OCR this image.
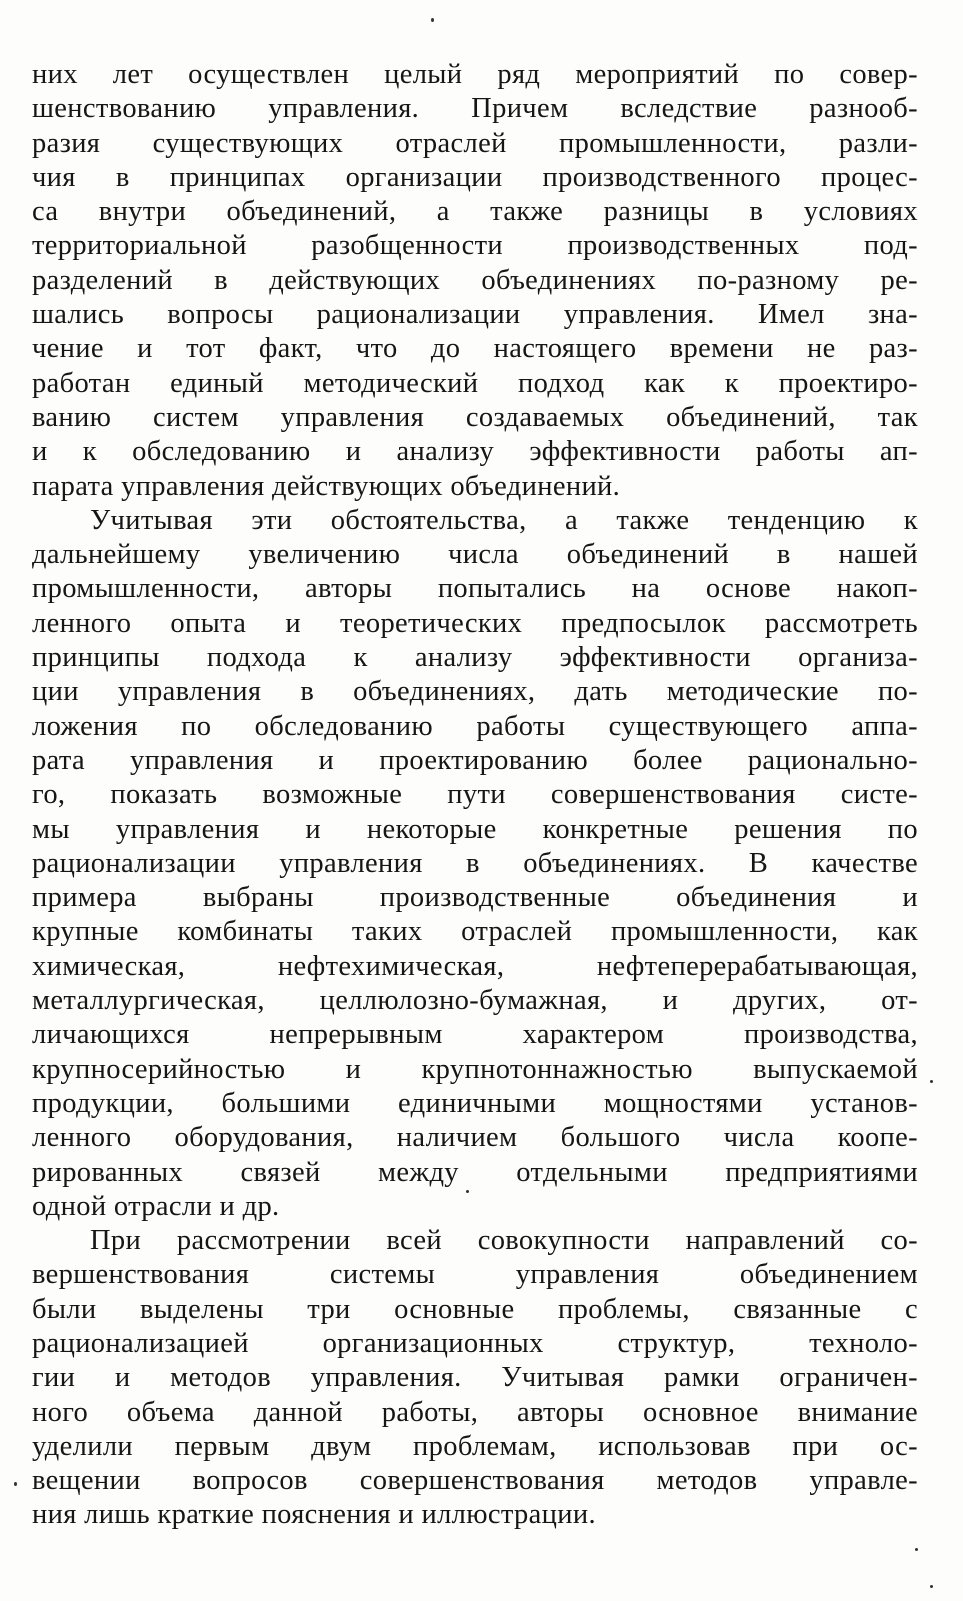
них лет осуществлен целый ряд мероприятий по совер-
шенствованию управления. Причем вследствие разнооб-
разия существующих отраслей промышленности, разли-
чия в принципах организации производственного процес-
са внутри объединений, а также разницы в условиях
территориальной разобщенности производственных под-
разделений в действующих объединениях по-разному ре-
шались вопросы рационализации управления. Имел зна-
чение и тот факт, что до настоящего времени не раз-
работан единый методический подход как к проектиро-
ванию систем управления создаваемых объединений, так
и к обследованию и анализу эффективности работы ап-
парата управления действующих объединений.
Учитывая эти обстоятельства, а также тенденцию к
дальнейшему увеличению числа объединений в нашей
промышленности, авторы попытались на основе накоп-
ленного опыта и теоретических предпосылок рассмотреть
принципы подхода к анализу эффективности организа-
ции управления в объединениях, дать методические по-
ложения по обследованию работы существующего аппа-
рата управления и проектированию более рационально-
го, показать возможные пути совершенствования систе-
мы управления и некоторые конкретные решения по
рационализации управления в объединениях. В качестве
примера выбраны производственные объединения и
крупные комбинаты таких отраслей промышленности, как
химическая, нефтехимическая, нефтеперерабатывающая,
металлургическая, целлюлозно-бумажная, и других, от-
личающихся непрерывным характером производства,
крупносерийностью и крупнотоннажностью выпускаемой
продукции, большими единичными мощностями установ-
ленного оборудования, наличием большого числа коопе-
рированных связей между отдельными предприятиями
одной отрасли и др.
При рассмотрении всей совокупности направлений со-
вершенствования системы управления объединением
были выделены три основные проблемы, связанные с
рационализацией организационных структур, техноло-
гии и методов управления. Учитывая рамки ограничен-
ного объема данной работы, авторы основное внимание
уделили первым двум проблемам, использовав при ос-
вещении вопросов совершенствования методов управле-
ния лишь краткие пояснения и иллюстрации.
